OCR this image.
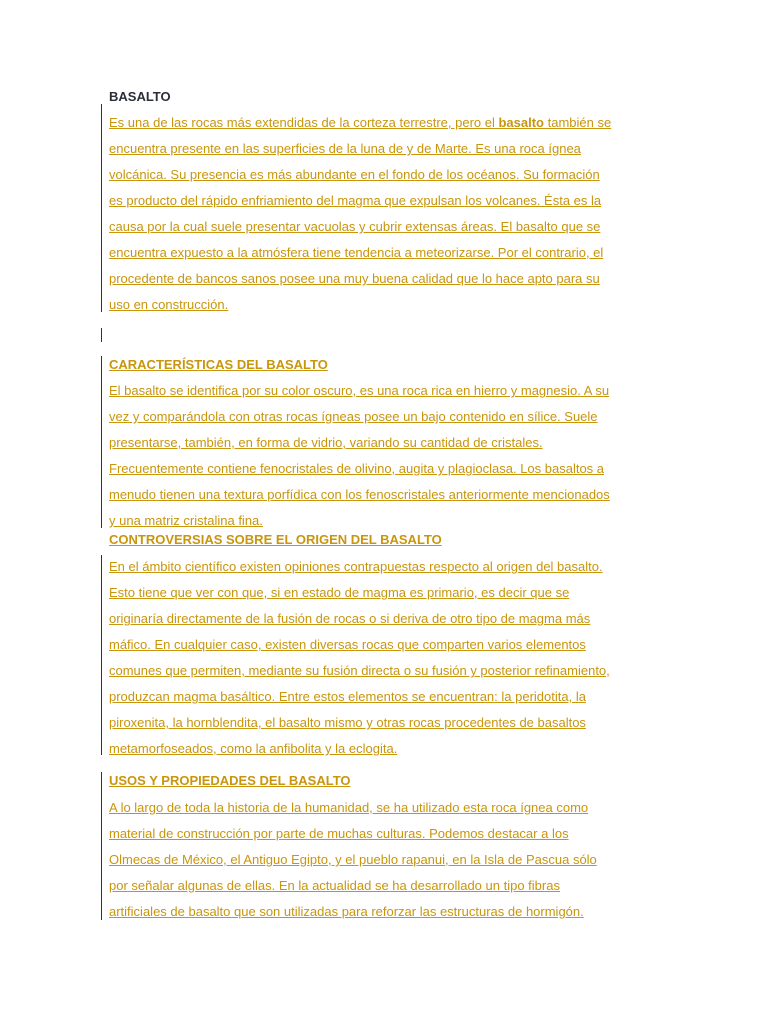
BASALTO
Es una de las rocas más extendidas de la corteza terrestre, pero el basalto también se
encuentra presente en las superficies de la luna de y de Marte. Es una roca ígnea
volcánica. Su presencia es más abundante en el fondo de los océanos. Su formación
es producto del rápido enfriamiento del magma que expulsan los volcanes. Ésta es la
causa por la cual suele presentar vacuolas y cubrir extensas áreas. El basalto que se
encuentra expuesto a la atmósfera tiene tendencia a meteorizarse. Por el contrario, el
procedente de bancos sanos posee una muy buena calidad que lo hace apto para su
uso en construcción.
CARACTERÍSTICAS DEL BASALTO
El basalto se identifica por su color oscuro, es una roca rica en hierro y magnesio. A su
vez y comparándola con otras rocas ígneas posee un bajo contenido en sílice. Suele
presentarse, también, en forma de vidrio, variando su cantidad de cristales.
Frecuentemente contiene fenocristales de olivino, augita y plagioclasa. Los basaltos a
menudo tienen una textura porfídica con los fenoscristales anteriormente mencionados
y una matriz cristalina fina.
CONTROVERSIAS SOBRE EL ORIGEN DEL BASALTO
En el ámbito científico existen opiniones contrapuestas respecto al origen del basalto.
Esto tiene que ver con que, si en estado de magma es primario, es decir que se
originaría directamente de la fusión de rocas o si deriva de otro tipo de magma más
máfico. En cualquier caso, existen diversas rocas que comparten varios elementos
comunes que permiten, mediante su fusión directa o su fusión y posterior refinamiento,
produzcan magma basáltico. Entre estos elementos se encuentran: la peridotita, la
piroxenita, la hornblendita, el basalto mismo y otras rocas procedentes de basaltos
metamorfoseados, como la anfibolita y la eclogita.
USOS Y PROPIEDADES DEL BASALTO
A lo largo de toda la historia de la humanidad, se ha utilizado esta roca ígnea como
material de construcción por parte de muchas culturas. Podemos destacar a los
Olmecas de México, el Antiguo Egipto, y el pueblo rapanui, en la Isla de Pascua sólo
por señalar algunas de ellas. En la actualidad se ha desarrollado un tipo fibras
artificiales de basalto que son utilizadas para reforzar las estructuras de hormigón.
